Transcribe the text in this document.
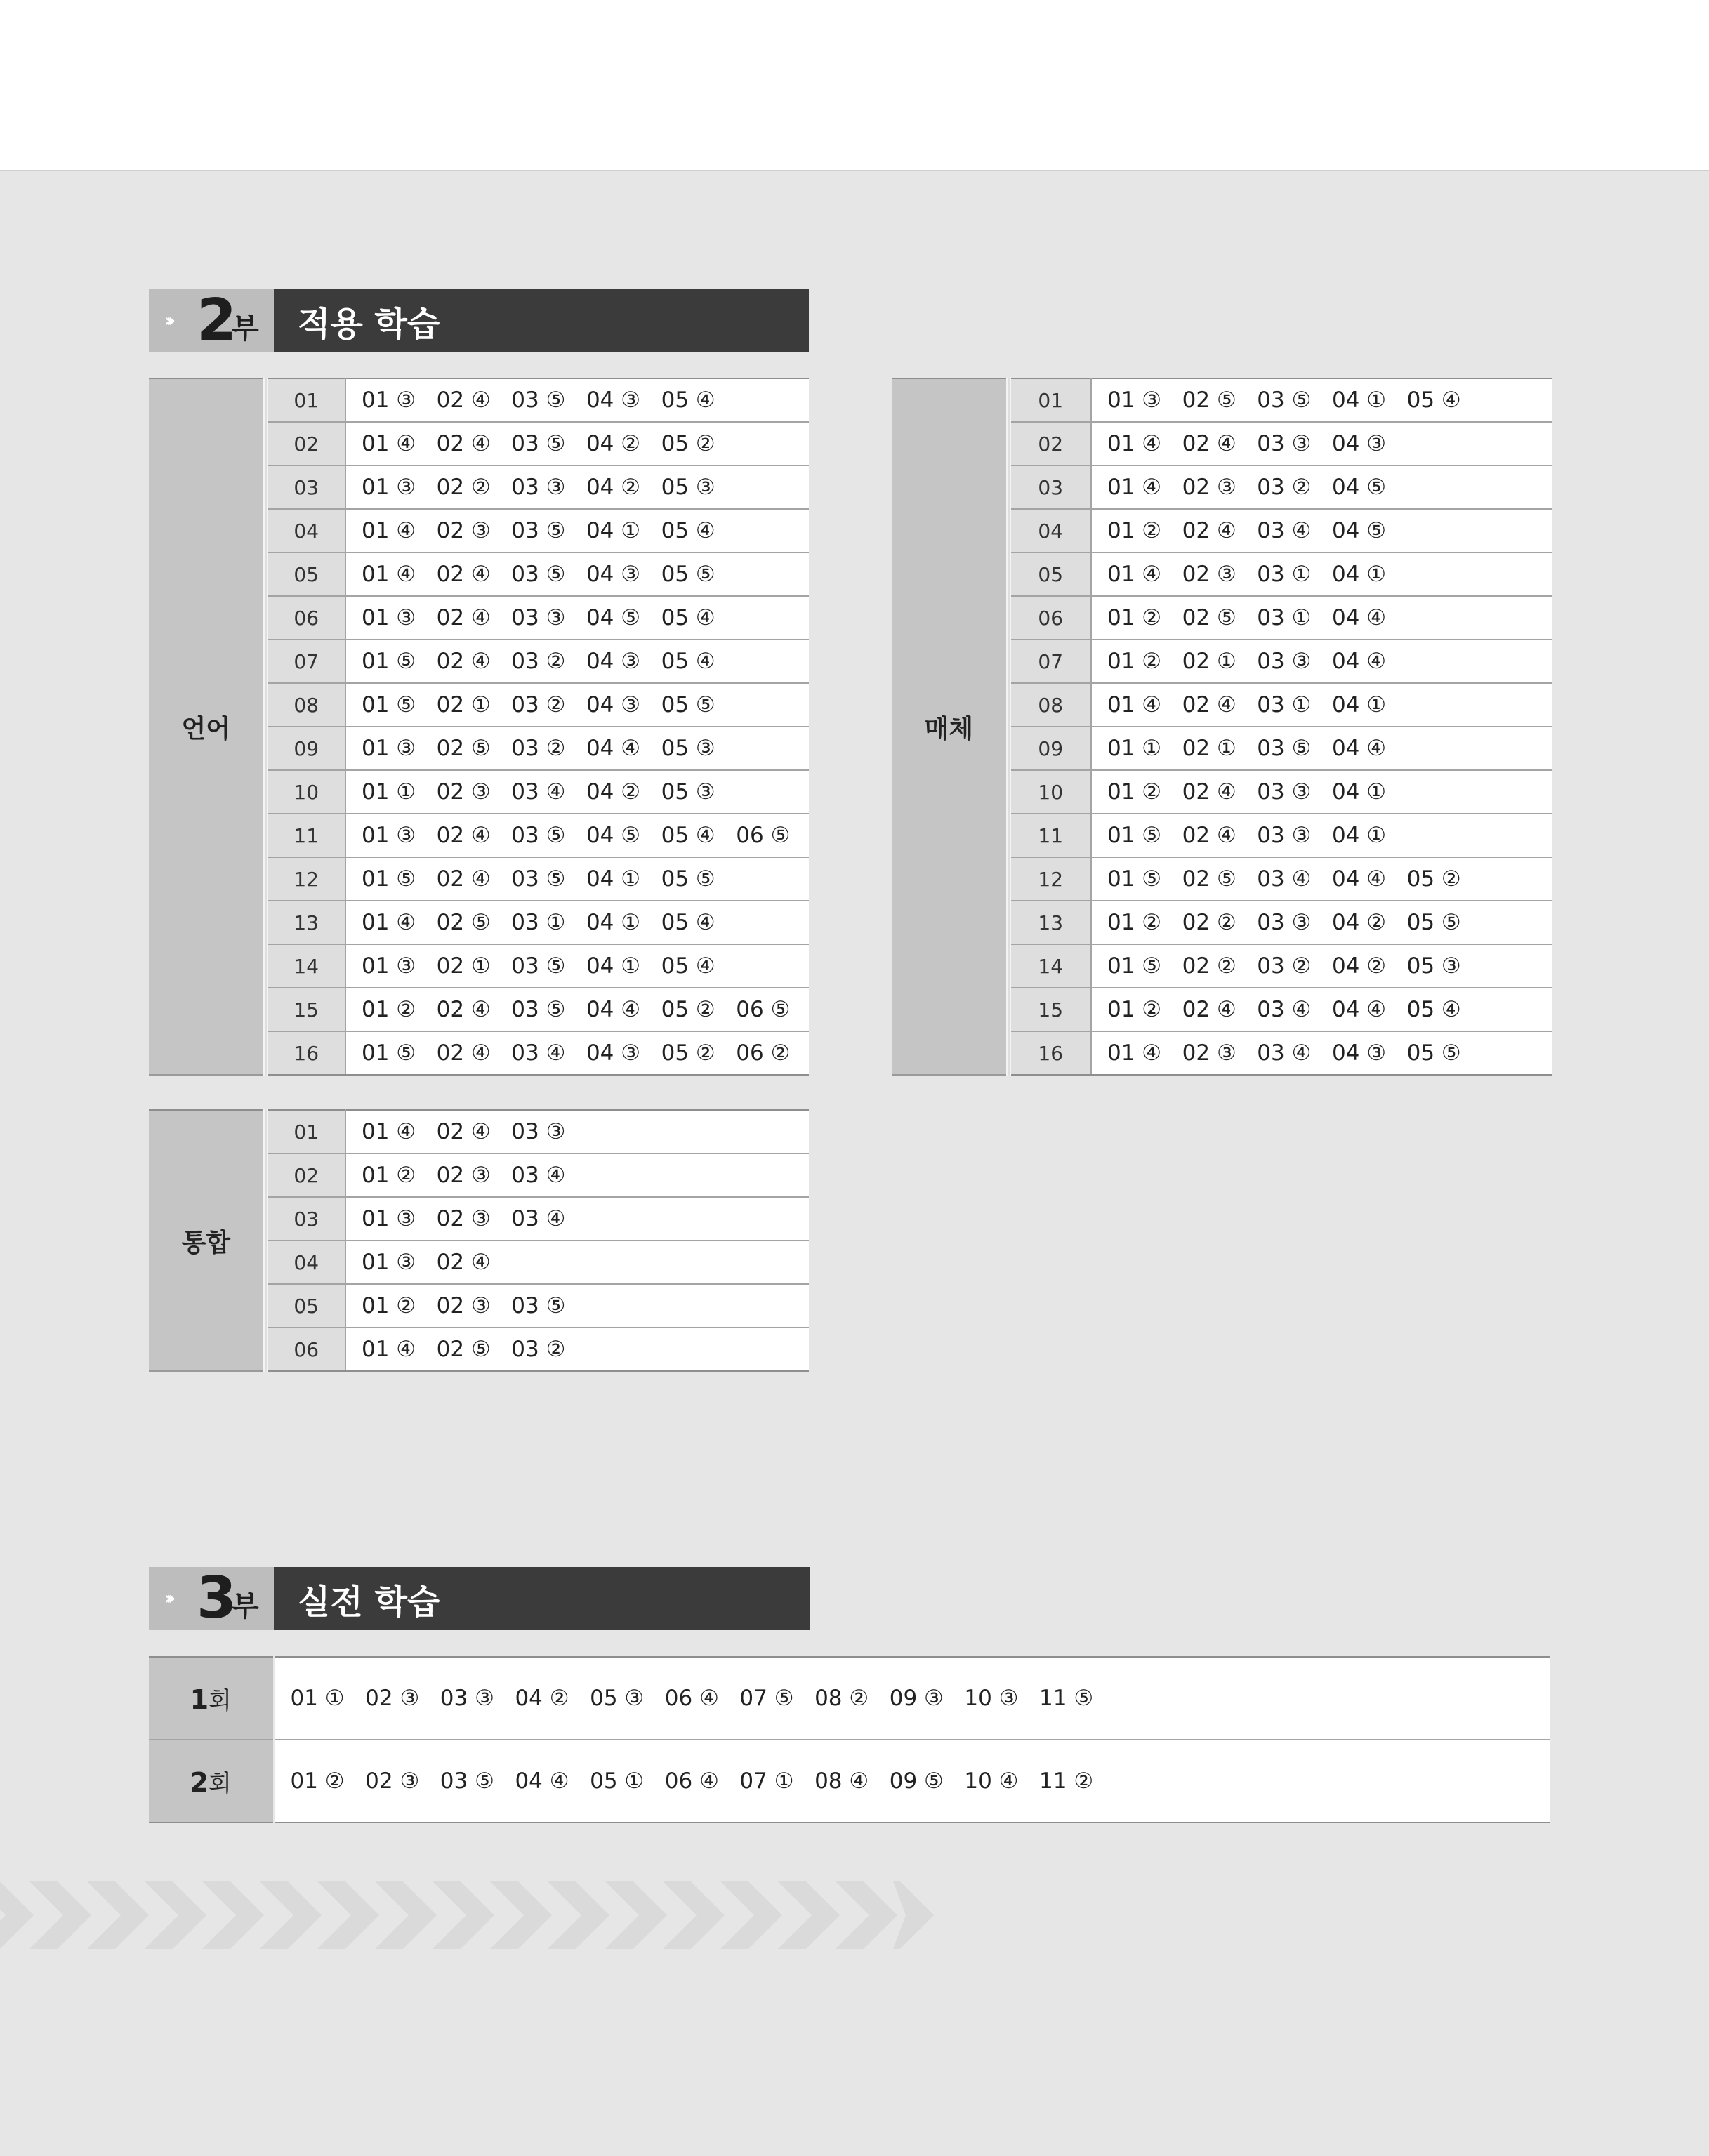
››› 2
부	적용 학습
언어	01	01 ③   02 ④   03 ⑤   04 ③   05 ④
	02	01 ④   02 ④   03 ⑤   04 ②   05 ②
	03	01 ③   02 ②   03 ③   04 ②   05 ③
	04	01 ④   02 ③   03 ⑤   04 ①   05 ④
	05	01 ④   02 ④   03 ⑤   04 ③   05 ⑤
	06	01 ③   02 ④   03 ③   04 ⑤   05 ④
	07	01 ⑤   02 ④   03 ②   04 ③   05 ④
	08	01 ⑤   02 ①   03 ②   04 ③   05 ⑤
	09	01 ③   02 ⑤   03 ②   04 ④   05 ③
	10	01 ①   02 ③   03 ④   04 ②   05 ③
	11	01 ③   02 ④   03 ⑤   04 ⑤   05 ④   06 ⑤
	12	01 ⑤   02 ④   03 ⑤   04 ①   05 ⑤
	13	01 ④   02 ⑤   03 ①   04 ①   05 ④
	14	01 ③   02 ①   03 ⑤   04 ①   05 ④
	15	01 ②   02 ④   03 ⑤   04 ④   05 ②   06 ⑤
	16	01 ⑤   02 ④   03 ④   04 ③   05 ②   06 ②
매체	01	01 ③   02 ⑤   03 ⑤   04 ①   05 ④
	02	01 ④   02 ④   03 ③   04 ③
	03	01 ④   02 ③   03 ②   04 ⑤
	04	01 ②   02 ④   03 ④   04 ⑤
	05	01 ④   02 ③   03 ①   04 ①
	06	01 ②   02 ⑤   03 ①   04 ④
	07	01 ②   02 ①   03 ③   04 ④
	08	01 ④   02 ④   03 ①   04 ①
	09	01 ①   02 ①   03 ⑤   04 ④
	10	01 ②   02 ④   03 ③   04 ①
	11	01 ⑤   02 ④   03 ③   04 ①
	12	01 ⑤   02 ⑤   03 ④   04 ④   05 ②
	13	01 ②   02 ②   03 ③   04 ②   05 ⑤
	14	01 ⑤   02 ②   03 ②   04 ②   05 ③
	15	01 ②   02 ④   03 ④   04 ④   05 ④
	16	01 ④   02 ③   03 ④   04 ③   05 ⑤
통합	01	01 ④   02 ④   03 ③
	02	01 ②   02 ③   03 ④
	03	01 ③   02 ③   03 ④
	04	01 ③   02 ④
	05	01 ②   02 ③   03 ⑤
	06	01 ④   02 ⑤   03 ②
››› 3
부	실전 학습
1회	01 ①   02 ③   03 ③   04 ②   05 ③   06 ④   07 ⑤   08 ②   09 ③   10 ③   11 ⑤
2회	01 ②   02 ③   03 ⑤   04 ④   05 ①   06 ④   07 ①   08 ④   09 ⑤   10 ④   11 ②
